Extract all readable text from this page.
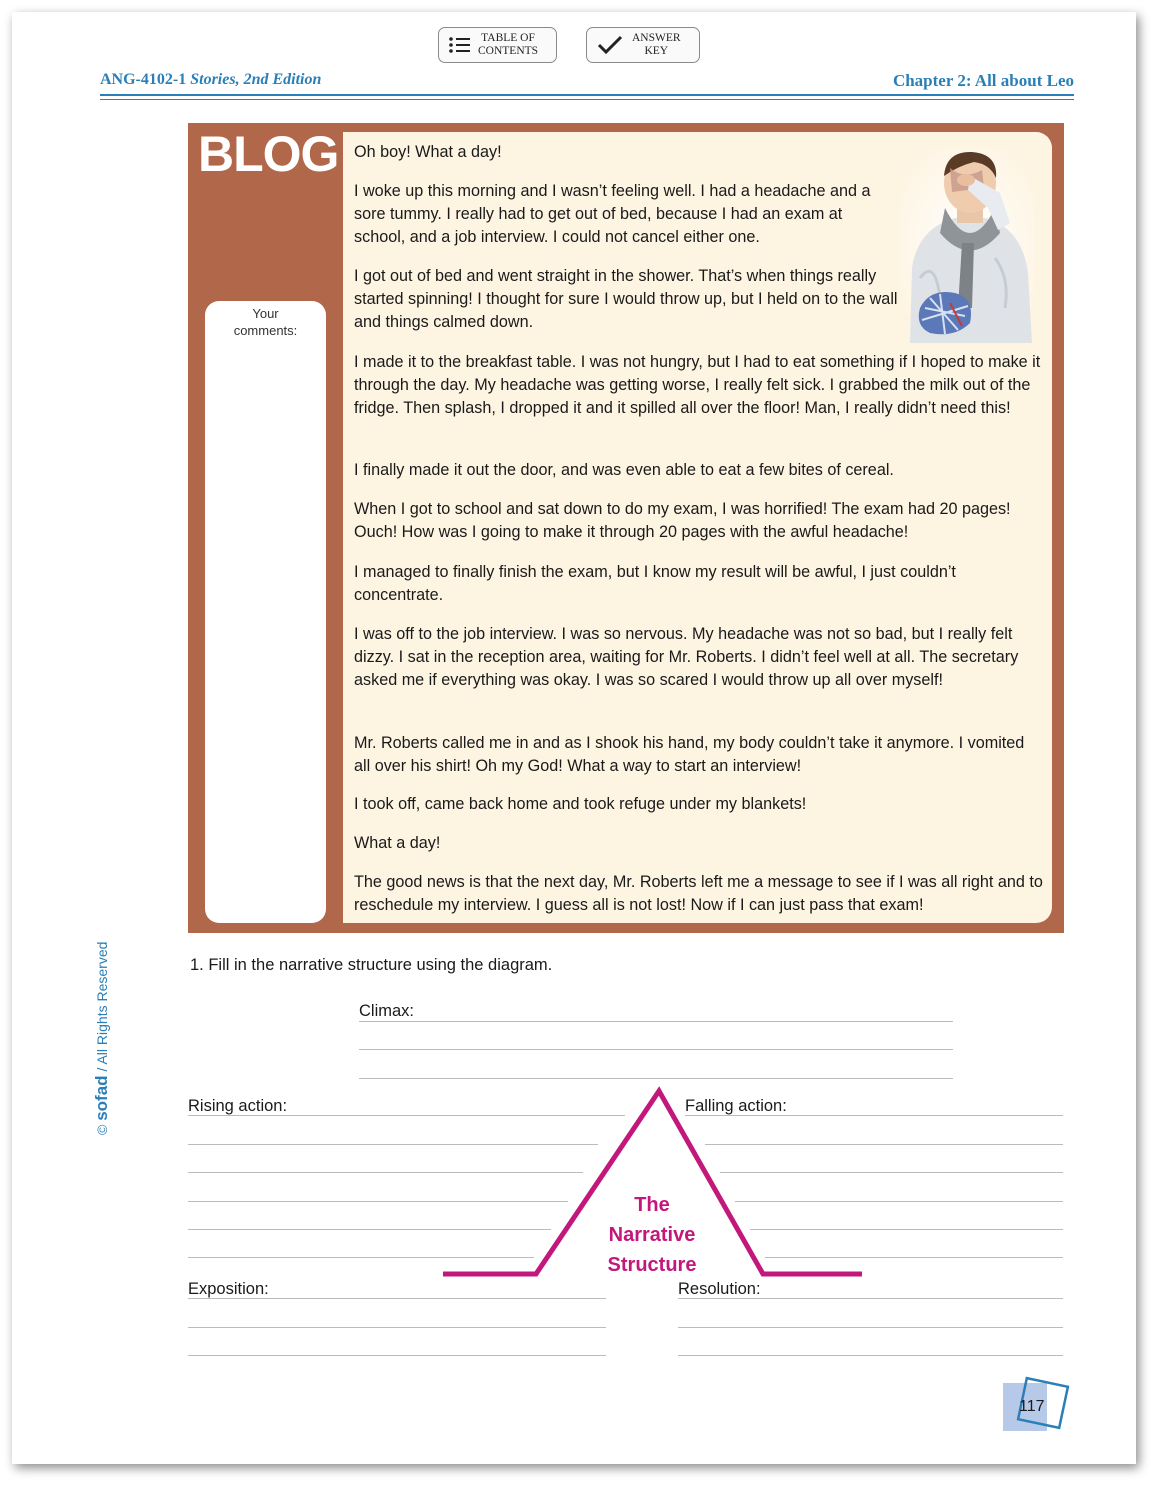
TABLE OF
CONTENTS
ANSWER
KEY
ANG-4102-1 Stories, 2nd Edition	Chapter 2: All about Leo
BLOG
Your comments:
Oh boy! What a day!
I woke up this morning and I wasn’t feeling well. I had a headache and a sore tummy. I really had to get out of bed, because I had an exam at school, and a job interview. I could not cancel either one.
I got out of bed and went straight in the shower. That’s when things really started spinning! I thought for sure I would throw up, but I held on to the wall and things calmed down.
I made it to the breakfast table. I was not hungry, but I had to eat something if I hoped to make it through the day. My headache was getting worse, I really felt sick. I grabbed the milk out of the fridge. Then splash, I dropped it and it spilled all over the floor! Man, I really didn’t need this!
I finally made it out the door, and was even able to eat a few bites of cereal.
When I got to school and sat down to do my exam, I was horrified! The exam had 20 pages! Ouch! How was I going to make it through 20 pages with the awful headache!
I managed to finally finish the exam, but I know my result will be awful, I just couldn’t concentrate.
I was off to the job interview. I was so nervous. My headache was not so bad, but I really felt dizzy. I sat in the reception area, waiting for Mr. Roberts. I didn’t feel well at all. The secretary asked me if everything was okay. I was so scared I would throw up all over myself!
Mr. Roberts called me in and as I shook his hand, my body couldn’t take it anymore. I vomited all over his shirt! Oh my God! What a way to start an interview!
I took off, came back home and took refuge under my blankets!
What a day!
The good news is that the next day, Mr. Roberts left me a message to see if I was all right and to reschedule my interview. I guess all is not lost! Now if I can just pass that exam!
1. Fill in the narrative structure using the diagram.
Climax:
Rising action:	Falling action:
Exposition:	Resolution:
The
Narrative
Structure
117
© sofad / All Rights Reserved
